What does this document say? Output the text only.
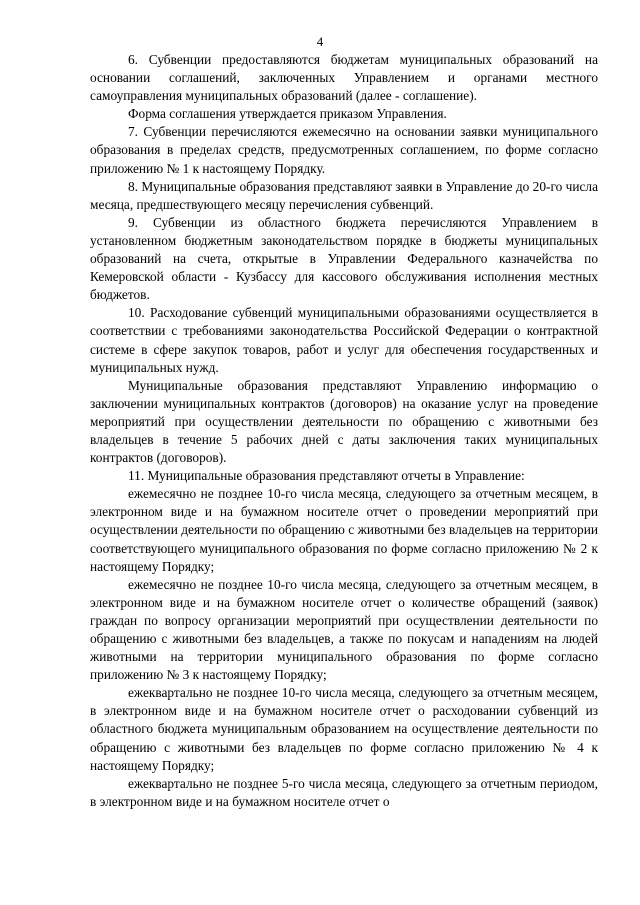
4

6. Субвенции предоставляются бюджетам муниципальных образований на основании соглашений, заключенных Управлением и органами местного самоуправления муниципальных образований (далее - соглашение).

Форма соглашения утверждается приказом Управления.

7. Субвенции перечисляются ежемесячно на основании заявки муниципального образования в пределах средств, предусмотренных соглашением, по форме согласно приложению № 1 к настоящему Порядку.

8. Муниципальные образования представляют заявки в Управление до 20-го числа месяца, предшествующего месяцу перечисления субвенций.

9. Субвенции из областного бюджета перечисляются Управлением в установленном бюджетным законодательством порядке в бюджеты муниципальных образований на счета, открытые в Управлении Федерального казначейства по Кемеровской области - Кузбассу для кассового обслуживания исполнения местных бюджетов.

10. Расходование субвенций муниципальными образованиями осуществляется в соответствии с требованиями законодательства Российской Федерации о контрактной системе в сфере закупок товаров, работ и услуг для обеспечения государственных и муниципальных нужд.

Муниципальные образования представляют Управлению информацию о заключении муниципальных контрактов (договоров) на оказание услуг на проведение мероприятий при осуществлении деятельности по обращению с животными без владельцев в течение 5 рабочих дней с даты заключения таких муниципальных контрактов (договоров).

11. Муниципальные образования представляют отчеты в Управление:

ежемесячно не позднее 10-го числа месяца, следующего за отчетным месяцем, в электронном виде и на бумажном носителе отчет о проведении мероприятий при осуществлении деятельности по обращению с животными без владельцев на территории соответствующего муниципального образования по форме согласно приложению № 2 к настоящему Порядку;

ежемесячно не позднее 10-го числа месяца, следующего за отчетным месяцем, в электронном виде и на бумажном носителе отчет о количестве обращений (заявок) граждан по вопросу организации мероприятий при осуществлении деятельности по обращению с животными без владельцев, а также по покусам и нападениям на людей животными на территории муниципального образования по форме согласно приложению № 3 к настоящему Порядку;

ежеквартально не позднее 10-го числа месяца, следующего за отчетным месяцем, в электронном виде и на бумажном носителе отчет о расходовании субвенций из областного бюджета муниципальным образованием на осуществление деятельности по обращению с животными без владельцев по форме согласно приложению № 4 к настоящему Порядку;

ежеквартально не позднее 5-го числа месяца, следующего за отчетным периодом, в электронном виде и на бумажном носителе отчет о
